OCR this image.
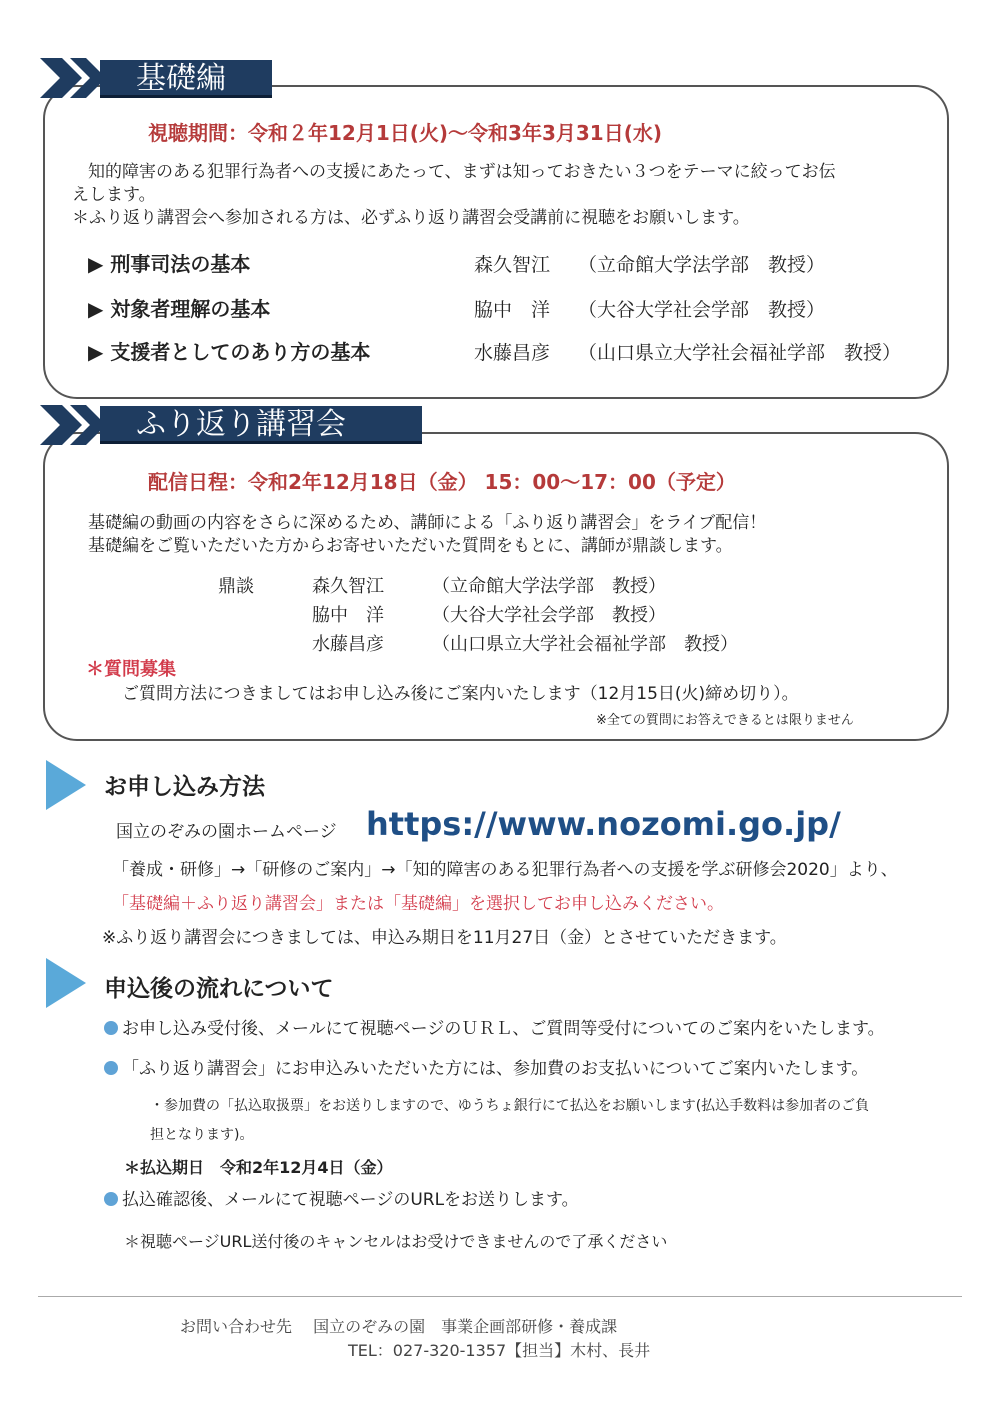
基礎編
視聴期間：令和２年12月1日(火)～令和3年3月31日(水)
知的障害のある犯罪行為者への支援にあたって、まずは知っておきたい３つをテーマに絞ってお伝
えします。
＊ふり返り講習会へ参加される方は、必ずふり返り講習会受講前に視聴をお願いします。
▶ 刑事司法の基本	森久智江 （立命館大学法学部　教授）
▶ 対象者理解の基本	脇中　洋 （大谷大学社会学部　教授）
▶ 支援者としてのあり方の基本	水藤昌彦 （山口県立大学社会福祉学部　教授）
ふり返り講習会
配信日程：令和2年12月18日（金） 15：00～17：00（予定）
基礎編の動画の内容をさらに深めるため、講師による「ふり返り講習会」をライブ配信！
基礎編をご覧いただいた方からお寄せいただいた質問をもとに、講師が鼎談します。
鼎談	森久智江	（立命館大学法学部　教授）
脇中　洋	（大谷大学社会学部　教授）
水藤昌彦	（山口県立大学社会福祉学部　教授）
＊質問募集
ご質問方法につきましてはお申し込み後にご案内いたします（12月15日(火)締め切り）。
※全ての質問にお答えできるとは限りません
お申し込み方法
国立のぞみの園ホームページ https://www.nozomi.go.jp/
「養成・研修」→「研修のご案内」→「知的障害のある犯罪行為者への支援を学ぶ研修会2020」より、
「基礎編＋ふり返り講習会」または「基礎編」を選択してお申し込みください。
※ふり返り講習会につきましては、申込み期日を11月27日（金）とさせていただきます。
申込後の流れについて
お申し込み受付後、メールにて視聴ページのＵＲＬ、ご質問等受付についてのご案内をいたします。
「ふり返り講習会」にお申込みいただいた方には、参加費のお支払いについてご案内いたします。
・参加費の「払込取扱票」をお送りしますので、ゆうちょ銀行にて払込をお願いします(払込手数料は参加者のご負
担となります)。
＊払込期日　令和2年12月4日（金）
払込確認後、メールにて視聴ページのURLをお送りします。
＊視聴ページURL送付後のキャンセルはお受けできませんので了承ください
お問い合わせ先　 国立のぞみの園　事業企画部研修・養成課
TEL：027-320-1357【担当】木村、長井
